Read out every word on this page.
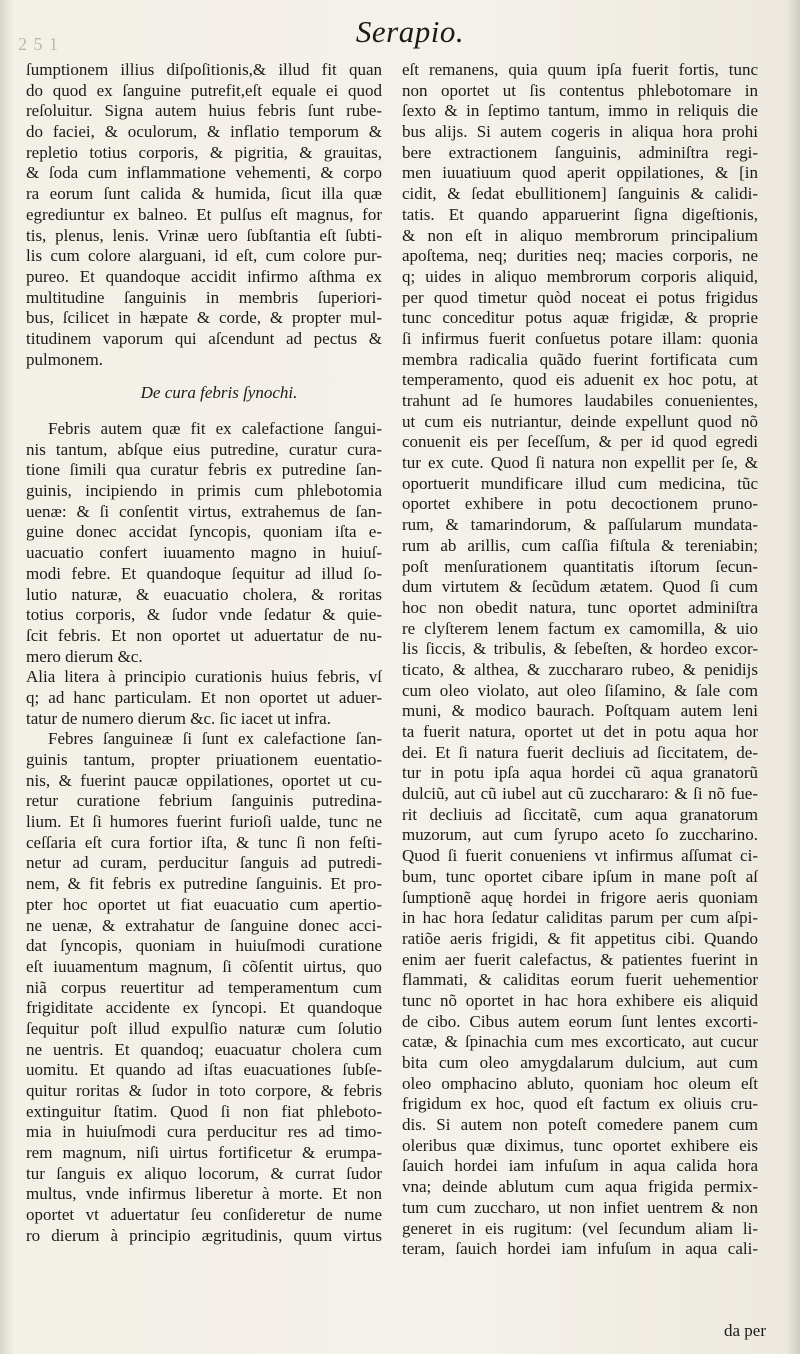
2 5 1	Serapio.
ſumptionem illius diſpoſitionis,& illud fit quan
do quod ex ſanguine putrefit,eſt equale ei quod
reſoluitur. Signa autem huius febris ſunt rube-
do faciei, & oculorum, & inflatio temporum &
repletio totius corporis, & pigritia, & grauitas,
& ſoda cum inflammatione vehementi, & corpo
ra eorum ſunt calida & humida, ſicut illa quæ
egrediuntur ex balneo. Et pulſus eſt magnus, for
tis, plenus, lenis. Vrinæ uero ſubſtantia eſt ſubti-
lis cum colore alarguani, id eſt, cum colore pur-
pureo. Et quandoque accidit infirmo aſthma ex
multitudine ſanguinis in membris ſuperiori-
bus, ſcilicet in hæpate & corde, & propter mul-
titudinem vaporum qui aſcendunt ad pectus &
pulmonem.
De cura febris ſynochi.
Febris autem quæ fit ex calefactione ſangui-
nis tantum, abſque eius putredine, curatur cura-
tione ſimili qua curatur febris ex putredine ſan-
guinis, incipiendo in primis cum phlebotomia
uenæ: & ſi conſentit virtus, extrahemus de ſan-
guine donec accidat ſyncopis, quoniam iſta e-
uacuatio confert iuuamento magno in huiuſ-
modi febre. Et quandoque ſequitur ad illud ſo-
lutio naturæ, & euacuatio cholera, & roritas
totius corporis, & ſudor vnde ſedatur & quie-
ſcit febris. Et non oportet ut aduertatur de nu-
mero dierum &c.
Alia litera à principio curationis huius febris, vſ
q; ad hanc particulam. Et non oportet ut aduer-
tatur de numero dierum &c. ſic iacet ut infra.
Febres ſanguineæ ſi ſunt ex calefactione ſan-
guinis tantum, propter priuationem euentatio-
nis, & fuerint paucæ oppilationes, oportet ut cu-
retur curatione febrium ſanguinis putredina-
lium. Et ſi humores fuerint furioſi ualde, tunc ne
ceſſaria eſt cura fortior iſta, & tunc ſi non feſti-
netur ad curam, perducitur ſanguis ad putredi-
nem, & fit febris ex putredine ſanguinis. Et pro-
pter hoc oportet ut fiat euacuatio cum apertio-
ne uenæ, & extrahatur de ſanguine donec acci-
dat ſyncopis, quoniam in huiuſmodi curatione
eſt iuuamentum magnum, ſi cõſentit uirtus, quo
niã corpus reuertitur ad temperamentum cum
frigiditate accidente ex ſyncopi. Et quandoque
ſequitur poſt illud expulſio naturæ cum ſolutio
ne uentris. Et quandoq; euacuatur cholera cum
uomitu. Et quando ad iſtas euacuationes ſubſe-
quitur roritas & ſudor in toto corpore, & febris
extinguitur ſtatim. Quod ſi non fiat phleboto-
mia in huiuſmodi cura perducitur res ad timo-
rem magnum, niſi uirtus fortificetur & erumpa-
tur ſanguis ex aliquo locorum, & currat ſudor
multus, vnde infirmus liberetur à morte. Et non
oportet vt aduertatur ſeu conſideretur de nume
ro dierum à principio ægritudinis, quum virtus
eſt remanens, quia quum ipſa fuerit fortis, tunc
non oportet ut ſis contentus phlebotomare in
ſexto & in ſeptimo tantum, immo in reliquis die
bus alijs. Si autem cogeris in aliqua hora prohi
bere extractionem ſanguinis, adminiſtra regi-
men iuuatiuum quod aperit oppilationes, & [in
cidit, & ſedat ebullitionem] ſanguinis & calidi-
tatis. Et quando apparuerint ſigna digeſtionis,
& non eſt in aliquo membrorum principalium
apoſtema, neq; durities neq; macies corporis, ne
q; uides in aliquo membrorum corporis aliquid,
per quod timetur quòd noceat ei potus frigidus
tunc conceditur potus aquæ frigidæ, & proprie
ſi infirmus fuerit conſuetus potare illam: quonia
membra radicalia quãdo fuerint fortificata cum
temperamento, quod eis aduenit ex hoc potu, at
trahunt ad ſe humores laudabiles conuenientes,
ut cum eis nutriantur, deinde expellunt quod nõ
conuenit eis per ſeceſſum, & per id quod egredi
tur ex cute. Quod ſi natura non expellit per ſe, &
oportuerit mundificare illud cum medicina, tũc
oportet exhibere in potu decoctionem pruno-
rum, & tamarindorum, & paſſularum mundata-
rum ab arillis, cum caſſia fiſtula & tereniabin;
poſt menſurationem quantitatis iſtorum ſecun-
dum virtutem & ſecũdum ætatem. Quod ſi cum
hoc non obedit natura, tunc oportet adminiſtra
re clyſterem lenem factum ex camomilla, & uio
lis ſiccis, & tribulis, & ſebeſten, & hordeo excor-
ticato, & althea, & zucchararo rubeo, & penidijs
cum oleo violato, aut oleo ſiſamino, & ſale com
muni, & modico baurach. Poſtquam autem leni
ta fuerit natura, oportet ut det in potu aqua hor
dei. Et ſi natura fuerit decliuis ad ſiccitatem, de-
tur in potu ipſa aqua hordei cũ aqua granatorũ
dulciũ, aut cũ iubel aut cũ zucchararo: & ſi nõ fue-
rit decliuis ad ſiccitatẽ, cum aqua granatorum
muzorum, aut cum ſyrupo aceto ſo zuccharino.
Quod ſi fuerit conueniens vt infirmus aſſumat ci-
bum, tunc oportet cibare ipſum in mane poſt aſ
ſumptionẽ aquę hordei in frigore aeris quoniam
in hac hora ſedatur caliditas parum per cum aſpi-
ratiõe aeris frigidi, & fit appetitus cibi. Quando
enim aer fuerit calefactus, & patientes fuerint in
flammati, & caliditas eorum fuerit uehementior
tunc nõ oportet in hac hora exhibere eis aliquid
de cibo. Cibus autem eorum ſunt lentes excorti-
catæ, & ſpinachia cum mes excorticato, aut cucur
bita cum oleo amygdalarum dulcium, aut cum
oleo omphacino abluto, quoniam hoc oleum eſt
frigidum ex hoc, quod eſt factum ex oliuis cru-
dis. Si autem non poteſt comedere panem cum
oleribus quæ diximus, tunc oportet exhibere eis
ſauich hordei iam infuſum in aqua calida hora
vna; deinde ablutum cum aqua frigida permix-
tum cum zuccharo, ut non infiet uentrem & non
generet in eis rugitum: (vel ſecundum aliam li-
teram, ſauich hordei iam infuſum in aqua cali-
da per
